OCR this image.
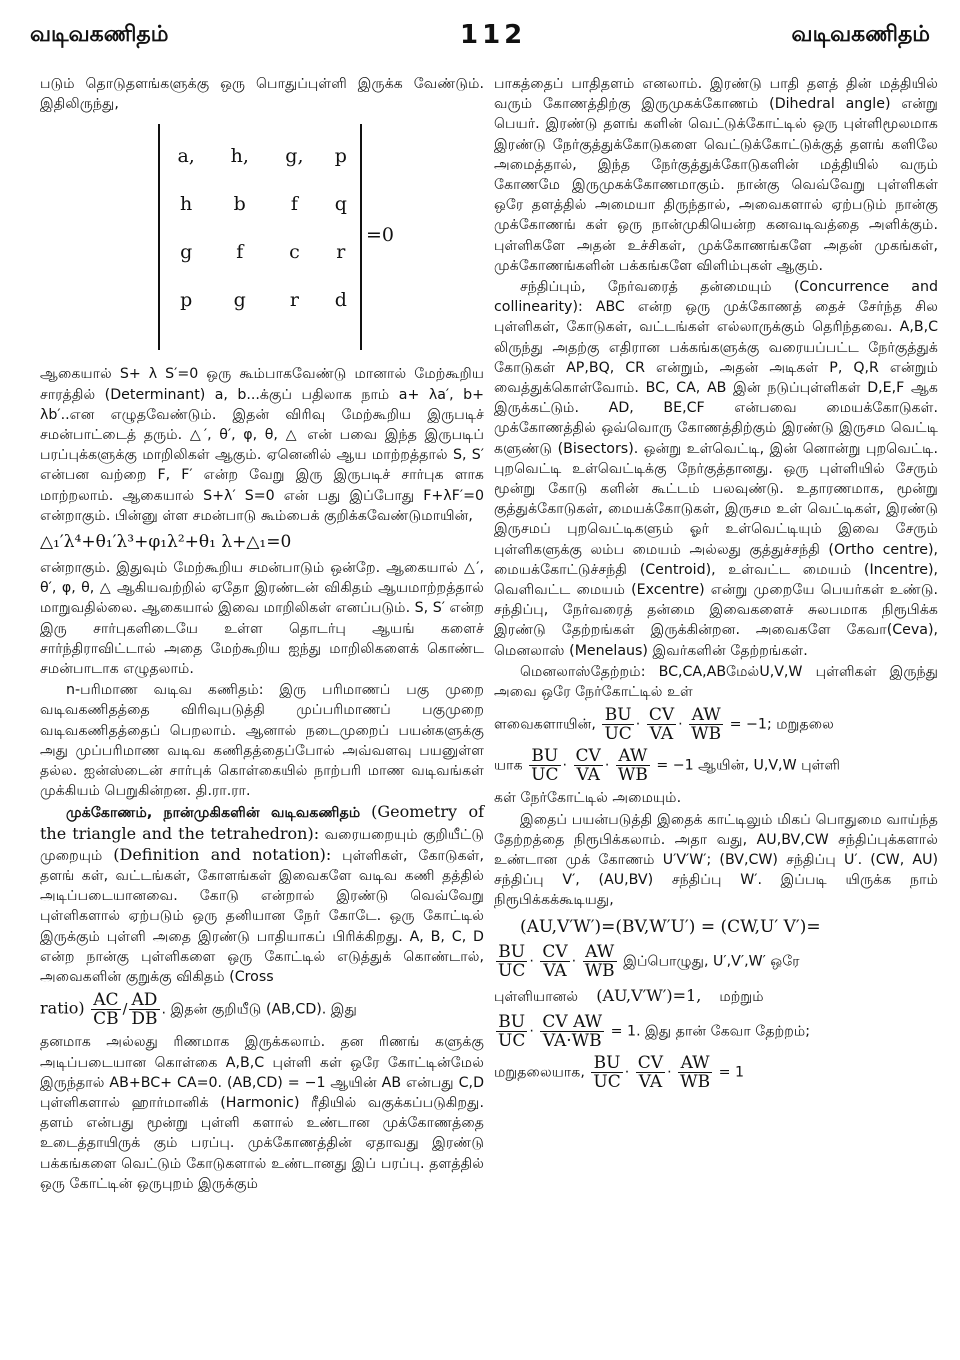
வடிவகணிதம்	112	வடிவகணிதம்

படும் தொடுதளங்களுக்கு ஒரு பொதுப்புள்ளி இருக்க வேண்டும். இதிலிருந்து,

a,	h,	g,	p
h	b	f	q
g	f	c	r
p	g	r	d
=0

ஆகையால் S+ λ S′=0 ஒரு கூம்பாகவேண்டு மானால் மேற்கூறிய சாரத்தில் (Determinant) a, b...க்குப் பதிலாக நாம் a+ λa′, b+ λb′..என எழுதவேண்டும். இதன் விரிவு மேற்கூறிய இருபடிச் சமன்பாட்டைத் தரும். △′, θ′, φ, θ, △ என் பவை இந்த இருபடிப் பரப்புக்களுக்கு மாறிலிகள் ஆகும். ஏனெனில் ஆய மாற்றத்தால் S, S′ என்பன வற்றை F, F′ என்ற வேறு இரு இருபடிச் சார்புக ளாக மாற்றலாம். ஆகையால் S+λ′ S=0 என் பது இப்போது F+λF′=0 என்றாகும். பின்னு ள்ள சமன்பாடு கூம்பைக் குறிக்கவேண்டுமாயின்,

△₁′λ⁴+θ₁′λ³+φ₁λ²+θ₁ λ+△₁=0

என்றாகும். இதுவும் மேற்கூறிய சமன்பாடும் ஒன்றே. ஆகையால் △′, θ′, φ, θ, △ ஆகியவற்றில் ஏதோ இரண்டன் விகிதம் ஆயமாற்றத்தால் மாறுவதில்லை. ஆகையால் இவை மாறிலிகள் எனப்படும். S, S′ என்ற இரு சார்புகளிடையே உள்ள தொடர்பு ஆயங் களைச் சார்ந்திராவிட்டால் அதை மேற்கூறிய ஐந்து மாறிலிகளைக் கொண்ட சமன்பாடாக எழுதலாம்.

n-பரிமாண வடிவ கணிதம்: இரு பரிமாணப் பகு முறை வடிவகணிதத்தை விரிவுபடுத்தி முப்பரிமாணப் பகுமுறை வடிவகணிதத்தைப் பெறலாம். ஆனால் நடைமுறைப் பயன்களுக்கு அது முப்பரிமாண வடிவ கணிதத்தைப்போல் அவ்வளவு பயனுள்ள தல்ல. ஐன்ஸ்டைன் சார்புக் கொள்கையில் நாற்பரி மாண வடிவங்கள் முக்கியம் பெறுகின்றன. தி.ரா.ரா.

முக்கோணம், நான்முகிகளின் வடிவகணிதம் (Geometry of the triangle and the tetrahedron): வரையறையும் குறியீட்டு முறையும் (Definition and notation): புள்ளிகள், கோடுகள், தளங் கள், வட்டங்கள், கோளங்கள் இவைகளே வடிவ கணி தத்தில் அடிப்படையானவை. கோடு என்றால் இரண்டு வெவ்வேறு புள்ளிகளால் ஏற்படும் ஒரு தனியான நேர் கோடே. ஒரு கோட்டில் இருக்கும் புள்ளி அதை இரண்டு பாதியாகப் பிரிக்கிறது. A, B, C, D என்ற நான்கு புள்ளிகளை ஒரு கோட்டில் எடுத்துக் கொண்டால், அவைகளின் குறுக்கு விகிதம் (Cross

ratio) $\frac{AC}{CB} / \frac{AD}{DB}$ . இதன் குறியீடு (AB,CD). இது

தனமாக அல்லது ரிணமாக இருக்கலாம். தன ரிணங் களுக்கு அடிப்படையான கொள்கை A,B,C புள்ளி கள் ஒரே கோட்டின்மேல் இருந்தால் AB+BC+ CA=0. (AB,CD) = −1 ஆயின் AB என்பது C,D புள்ளிகளால் ஹார்மானிக் (Harmonic) ரீதியில் வகுக்கப்படுகிறது. தளம் என்பது மூன்று புள்ளி களால் உண்டான முக்கோணத்தை உடைத்தாயிருக் கும் பரப்பு. முக்கோணத்தின் ஏதாவது இரண்டு பக்கங்களை வெட்டும் கோடுகளால் உண்டானது இப் பரப்பு. தளத்தில் ஒரு கோட்டின் ஒருபுறம் இருக்கும்

பாகத்தைப் பாதிதளம் எனலாம். இரண்டு பாதி தளத் தின் மத்தியில் வரும் கோணத்திற்கு இருமுகக்கோணம் (Dihedral angle) என்று பெயர். இரண்டு தளங் களின் வெட்டுக்கோட்டில் ஒரு புள்ளிமூலமாக இரண்டு நேர்குத்துக்கோடுகளை வெட்டுக்கோட்டுக்குத் தளங் களிலே அமைத்தால், இந்த நேர்குத்துக்கோடுகளின் மத்தியில் வரும் கோணமே இருமுகக்கோணமாகும். நான்கு வெவ்வேறு புள்ளிகள் ஒரே தளத்தில் அமையா திருந்தால், அவைகளால் ஏற்படும் நான்கு முக்கோணங் கள் ஒரு நான்முகியென்ற கனவடிவத்தை அளிக்கும். புள்ளிகளே அதன் உச்சிகள், முக்கோணங்களே அதன் முகங்கள், முக்கோணங்களின் பக்கங்களே விளிம்புகள் ஆகும்.

சந்திப்பும், நேர்வரைத் தன்மையும் (Concurrence and collinearity): ABC என்ற ஒரு முக்கோணத் தைச் சேர்ந்த சில புள்ளிகள், கோடுகள், வட்டங்கள் எல்லாருக்கும் தெரிந்தவை. A,B,C லிருந்து அதற்கு எதிரான பக்கங்களுக்கு வரையப்பட்ட நேர்குத்துக் கோடுகள் AP,BQ, CR என்றும், அதன் அடிகள் P, Q,R என்றும் வைத்துக்கொள்வோம். BC, CA, AB இன் நடுப்புள்ளிகள் D,E,F ஆக இருக்கட்டும். AD, BE,CF என்பவை மையக்கோடுகள். முக்கோணத்தில் ஒவ்வொரு கோணத்திற்கும் இரண்டு இருசம வெட்டி களுண்டு (Bisectors). ஒன்று உள்வெட்டி, இன் னொன்று புறவெட்டி. புறவெட்டி உள்வெட்டிக்கு நேர்குத்தானது. ஒரு புள்ளியில் சேரும் மூன்று கோடு களின் கூட்டம் பலவுண்டு. உதாரணமாக, மூன்று குத்துக்கோடுகள், மையக்கோடுகள், இருசம உள் வெட்டிகள், இரண்டு இருசமப் புறவெட்டிகளும் ஓர் உள்வெட்டியும் இவை சேரும் புள்ளிகளுக்கு லம்ப மையம் அல்லது குத்துச்சந்தி (Ortho centre), மையக்கோட்டுச்சந்தி (Centroid), உள்வட்ட மையம் (Incentre), வெளிவட்ட மையம் (Excentre) என்று முறையே பெயர்கள் உண்டு. சந்திப்பு, நேர்வரைத் தன்மை இவைகளைச் சுலபமாக நிரூபிக்க இரண்டு தேற்றங்கள் இருக்கின்றன. அவைகளே கேவா(Ceva), மெனலாஸ் (Menelaus) இவர்களின் தேற்றங்கள்.

மெனலாஸ்தேற்றம்: BC,CA,ABமேல்U,V,W புள்ளிகள் இருந்து அவை ஒரே நேர்கோட்டில் உள்

ளவைகளாயின், $\frac{BU}{UC} \cdot \frac{CV}{VA} \cdot \frac{AW}{WB} = -1$; மறுதலை

யாக $\frac{BU}{UC} \cdot \frac{CV}{VA} \cdot \frac{AW}{WB} = -1$ ஆயின், U,V,W புள்ளி

கள் நேர்கோட்டில் அமையும்.

இதைப் பயன்படுத்தி இதைக் காட்டிலும் மிகப் பொதுமை வாய்ந்த தேற்றத்தை நிரூபிக்கலாம். அதா வது, AU,BV,CW சந்திப்புக்களால் உண்டான முக் கோணம் U′V′W′; (BV,CW) சந்திப்பு U′. (CW, AU) சந்திப்பு V′, (AU,BV) சந்திப்பு W′. இப்படி யிருக்க நாம் நிரூபிக்கக்கூடியது,

(AU,V′W′)=(BV,W′U′) = (CW,U′ V′)=

$\frac{BU}{UC} \cdot \frac{CV}{VA} \cdot \frac{AW}{WB}$ இப்பொழுது, U′,V′,W′ ஒரே

புள்ளியானல் (AU,V′W′)=1, மற்றும்

$\frac{BU}{UC} \cdot \frac{\text{CV AW}}{VA\cdot WB} = 1$. இது தான் கேவா தேற்றம்;

மறுதலையாக, $\frac{BU}{UC} \cdot \frac{CV}{VA} \cdot \frac{AW}{WB} = 1$
